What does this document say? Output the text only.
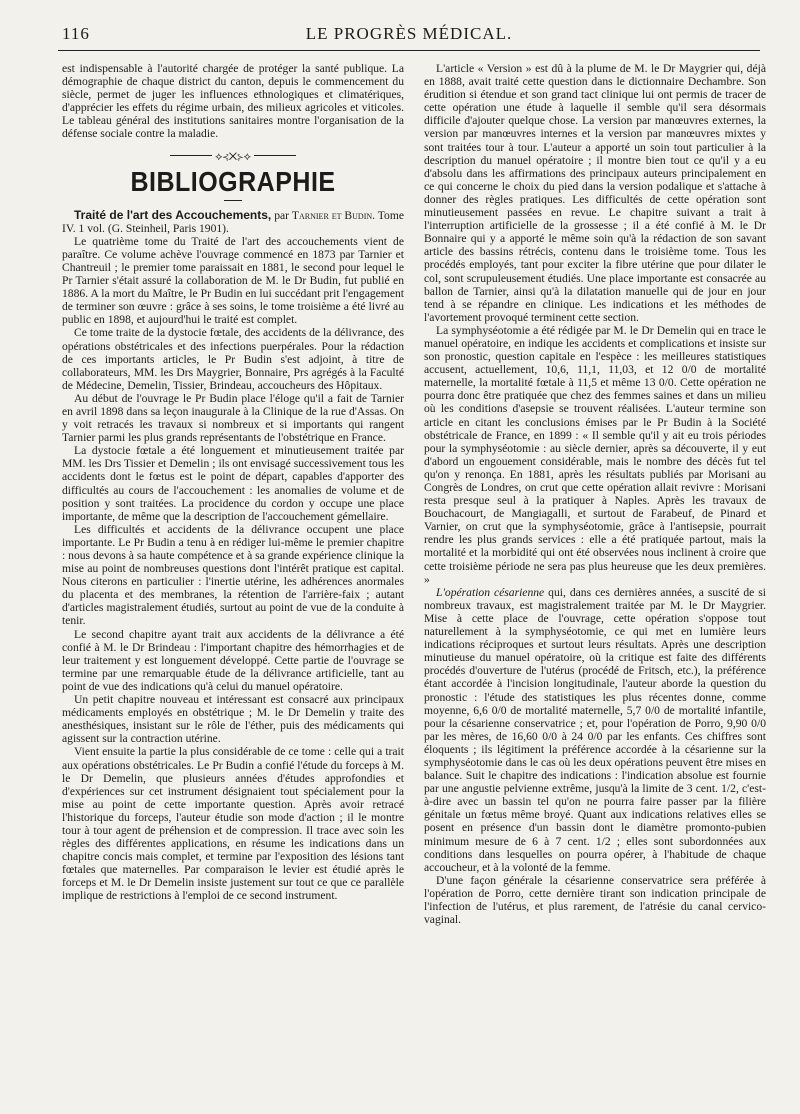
116	LE PROGRÈS MÉDICAL.

est indispensable à l'autorité chargée de protéger la santé publique. La démographie de chaque district du canton, depuis le commencement du siècle, permet de juger les influences ethnologiques et climatériques, d'apprécier les effets du régime urbain, des milieux agricoles et viticoles. Le tableau général des institutions sanitaires montre l'organisation de la défense sociale contre la maladie.

⟡⊰✕⊱⟡
BIBLIOGRAPHIE

Traité de l'art des Accouchements, par Tarnier et Budin. Tome IV. 1 vol. (G. Steinheil, Paris 1901).

Le quatrième tome du Traité de l'art des accouchements vient de paraître. Ce volume achève l'ouvrage commencé en 1873 par Tarnier et Chantreuil ; le premier tome paraissait en 1881, le second pour lequel le Pr Tarnier s'était assuré la collaboration de M. le Dr Budin, fut publié en 1886. A la mort du Maître, le Pr Budin en lui succédant prit l'engagement de terminer son œuvre : grâce à ses soins, le tome troisième a été livré au public en 1898, et aujourd'hui le traité est complet.

Ce tome traite de la dystocie fœtale, des accidents de la délivrance, des opérations obstétricales et des infections puerpérales. Pour la rédaction de ces importants articles, le Pr Budin s'est adjoint, à titre de collaborateurs, MM. les Drs Maygrier, Bonnaire, Prs agrégés à la Faculté de Médecine, Demelin, Tissier, Brindeau, accoucheurs des Hôpitaux.

Au début de l'ouvrage le Pr Budin place l'éloge qu'il a fait de Tarnier en avril 1898 dans sa leçon inaugurale à la Clinique de la rue d'Assas. On y voit retracés les travaux si nombreux et si importants qui rangent Tarnier parmi les plus grands représentants de l'obstétrique en France.

La dystocie fœtale a été longuement et minutieusement traitée par MM. les Drs Tissier et Demelin ; ils ont envisagé successivement tous les accidents dont le fœtus est le point de départ, capables d'apporter des difficultés au cours de l'accouchement : les anomalies de volume et de position y sont traitées. La procidence du cordon y occupe une place importante, de même que la description de l'accouchement gémellaire.

Les difficultés et accidents de la délivrance occupent une place importante. Le Pr Budin a tenu à en rédiger lui-même le premier chapitre : nous devons à sa haute compétence et à sa grande expérience clinique la mise au point de nombreuses questions dont l'intérêt pratique est capital. Nous citerons en particulier : l'inertie utérine, les adhérences anormales du placenta et des membranes, la rétention de l'arrière-faix ; autant d'articles magistralement étudiés, surtout au point de vue de la conduite à tenir.

Le second chapitre ayant trait aux accidents de la délivrance a été confié à M. le Dr Brindeau : l'important chapitre des hémorrhagies et de leur traitement y est longuement développé. Cette partie de l'ouvrage se termine par une remarquable étude de la délivrance artificielle, tant au point de vue des indications qu'à celui du manuel opératoire.

Un petit chapitre nouveau et intéressant est consacré aux principaux médicaments employés en obstétrique ; M. le Dr Demelin y traite des anesthésiques, insistant sur le rôle de l'éther, puis des médicaments qui agissent sur la contraction utérine.

Vient ensuite la partie la plus considérable de ce tome : celle qui a trait aux opérations obstétricales. Le Pr Budin a confié l'étude du forceps à M. le Dr Demelin, que plusieurs années d'études approfondies et d'expériences sur cet instrument désignaient tout spécialement pour la mise au point de cette importante question. Après avoir retracé l'historique du forceps, l'auteur étudie son mode d'action ; il le montre tour à tour agent de préhension et de compression. Il trace avec soin les règles des différentes applications, en résume les indications dans un chapitre concis mais complet, et termine par l'exposition des lésions tant fœtales que maternelles. Par comparaison le levier est étudié après le forceps et M. le Dr Demelin insiste justement sur tout ce que ce parallèle implique de restrictions à l'emploi de ce second instrument.

L'article « Version » est dû à la plume de M. le Dr Maygrier qui, déjà en 1888, avait traité cette question dans le dictionnaire Dechambre. Son érudition si étendue et son grand tact clinique lui ont permis de tracer de cette opération une étude à laquelle il semble qu'il sera désormais difficile d'ajouter quelque chose. La version par manœuvres externes, la version par manœuvres internes et la version par manœuvres mixtes y sont traitées tour à tour. L'auteur a apporté un soin tout particulier à la description du manuel opératoire ; il montre bien tout ce qu'il y a eu d'absolu dans les affirmations des principaux auteurs principalement en ce qui concerne le choix du pied dans la version podalique et s'attache à donner des règles pratiques. Les difficultés de cette opération sont minutieusement passées en revue. Le chapitre suivant a trait à l'interruption artificielle de la grossesse ; il a été confié à M. le Dr Bonnaire qui y a apporté le même soin qu'à la rédaction de son savant article des bassins rétrécis, contenu dans le troisième tome. Tous les procédés employés, tant pour exciter la fibre utérine que pour dilater le col, sont scrupuleusement étudiés. Une place importante est consacrée au ballon de Tarnier, ainsi qu'à la dilatation manuelle qui de jour en jour tend à se répandre en clinique. Les indications et les méthodes de l'avortement provoqué terminent cette section.

La symphyséotomie a été rédigée par M. le Dr Demelin qui en trace le manuel opératoire, en indique les accidents et complications et insiste sur son pronostic, question capitale en l'espèce : les meilleures statistiques accusent, actuellement, 10,6, 11,1, 11,03, et 12 0/0 de mortalité maternelle, la mortalité fœtale à 11,5 et même 13 0/0. Cette opération ne pourra donc être pratiquée que chez des femmes saines et dans un milieu où les conditions d'asepsie se trouvent réalisées. L'auteur termine son article en citant les conclusions émises par le Pr Budin à la Société obstétricale de France, en 1899 : « Il semble qu'il y ait eu trois périodes pour la symphyséotomie : au siècle dernier, après sa découverte, il y eut d'abord un engouement considérable, mais le nombre des décès fut tel qu'on y renonça. En 1881, après les résultats publiés par Morisani au Congrès de Londres, on crut que cette opération allait revivre : Morisani resta presque seul à la pratiquer à Naples. Après les travaux de Bouchacourt, de Mangiagalli, et surtout de Farabeuf, de Pinard et Varnier, on crut que la symphyséotomie, grâce à l'antisepsie, pourrait rendre les plus grands services : elle a été pratiquée partout, mais la mortalité et la morbidité qui ont été observées nous inclinent à croire que cette troisième période ne sera pas plus heureuse que les deux premières. »

L'opération césarienne qui, dans ces dernières années, a suscité de si nombreux travaux, est magistralement traitée par M. le Dr Maygrier. Mise à cette place de l'ouvrage, cette opération s'oppose tout naturellement à la symphyséotomie, ce qui met en lumière leurs indications réciproques et surtout leurs résultats. Après une description minutieuse du manuel opératoire, où la critique est faite des différents procédés d'ouverture de l'utérus (procédé de Fritsch, etc.), la préférence étant accordée à l'incision longitudinale, l'auteur aborde la question du pronostic : l'étude des statistiques les plus récentes donne, comme moyenne, 6,6 0/0 de mortalité maternelle, 5,7 0/0 de mortalité infantile, pour la césarienne conservatrice ; et, pour l'opération de Porro, 9,90 0/0 par les mères, de 16,60 0/0 à 24 0/0 par les enfants. Ces chiffres sont éloquents ; ils légitiment la préférence accordée à la césarienne sur la symphyséotomie dans le cas où les deux opérations peuvent être mises en balance. Suit le chapitre des indications : l'indication absolue est fournie par une angustie pelvienne extrême, jusqu'à la limite de 3 cent. 1/2, c'est-à-dire avec un bassin tel qu'on ne pourra faire passer par la filière génitale un fœtus même broyé. Quant aux indications relatives elles se posent en présence d'un bassin dont le diamètre promonto-pubien minimum mesure de 6 à 7 cent. 1/2 ; elles sont subordonnées aux conditions dans lesquelles on pourra opérer, à l'habitude de chaque accoucheur, et à la volonté de la femme.

D'une façon générale la césarienne conservatrice sera préférée à l'opération de Porro, cette dernière tirant son indication principale de l'infection de l'utérus, et plus rarement, de l'atrésie du canal cervico-vaginal.
